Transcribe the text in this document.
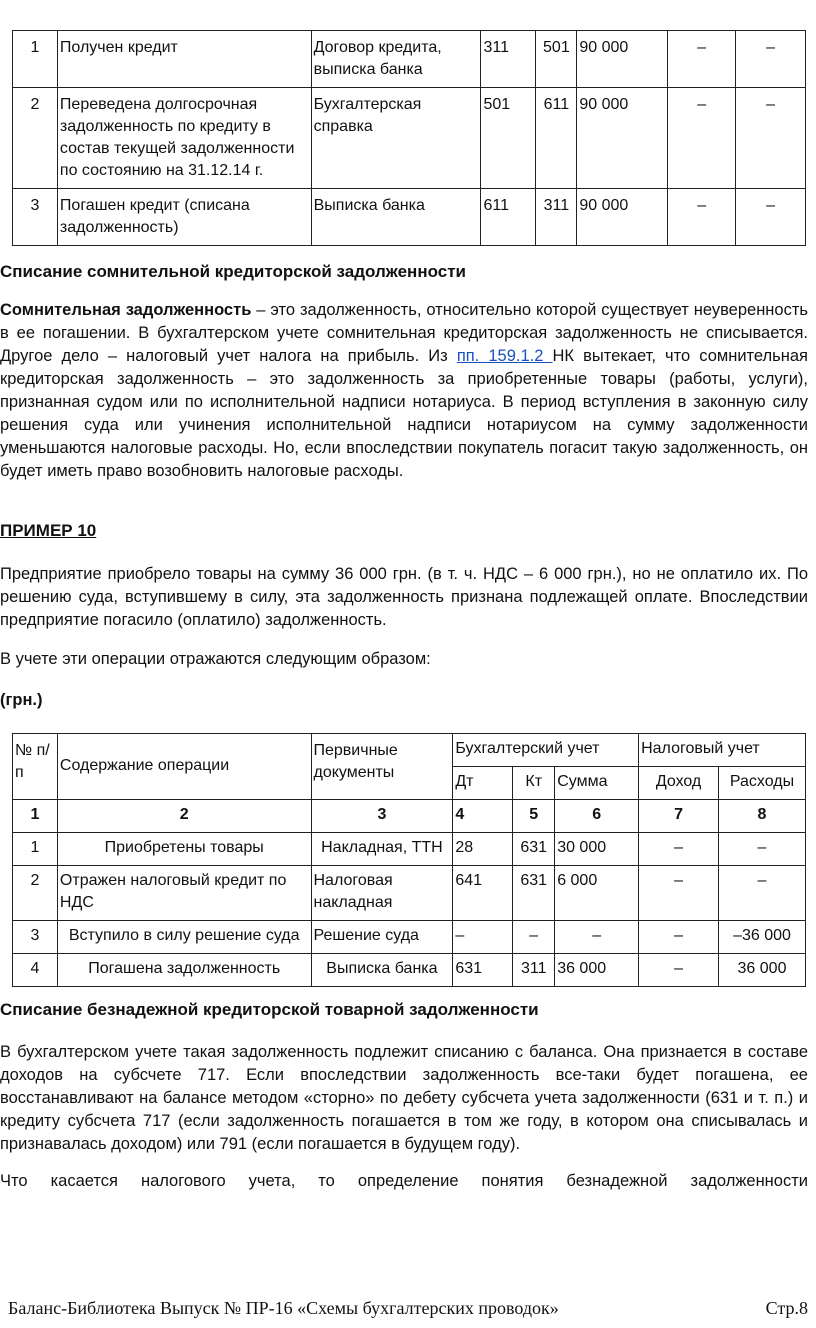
1	Получен кредит	Договор кредита, выписка банка	311	501	90 000	–	–
2	Переведена долгосрочная задолженность по кредиту в состав текущей задолженности по состоянию на 31.12.14 г.	Бухгалтерская справка	501	611	90 000	–	–
3	Погашен кредит (списана задолженность)	Выписка банка	611	311	90 000	–	–
Списание сомнительной кредиторской задолженности
Сомнительная задолженность – это задолженность, относительно которой существует неуверенность в ее погашении. В бухгалтерском учете сомнительная кредиторская задолженность не списывается. Другое дело – налоговый учет налога на прибыль. Из пп. 159.1.2 НК вытекает, что сомнительная кредиторская задолженность – это задолженность за приобретенные товары (работы, услуги), признанная судом или по исполнительной надписи нотариуса. В период вступления в законную силу решения суда или учинения исполнительной надписи нотариусом на сумму задолженности уменьшаются налоговые расходы. Но, если впоследствии покупатель погасит такую задолженность, он будет иметь право возобновить налоговые расходы.
ПРИМЕР 10
Предприятие приобрело товары на сумму 36 000 грн. (в т. ч. НДС – 6 000 грн.), но не оплатило их. По решению суда, вступившему в силу, эта задолженность признана подлежащей оплате. Впоследствии предприятие погасило (оплатило) задолженность.
В учете эти операции отражаются следующим образом:
(грн.)
№ п/п	Содержание операции	Первичные документы	Бухгалтерский учет			Налоговый учет	
			Дт	Кт	Сумма	Доход	Расходы
1	2	3	4	5	6	7	8
1	Приобретены товары	Накладная, ТТН	28	631	30 000	–	–
2	Отражен налоговый кредит по НДС	Налоговая накладная	641	631	6 000	–	–
3	Вступило в силу решение суда	Решение суда	–	–	–	–	–36 000
4	Погашена задолженность	Выписка банка	631	311	36 000	–	36 000
Списание безнадежной кредиторской товарной задолженности
В бухгалтерском учете такая задолженность подлежит списанию с баланса. Она признается в составе доходов на субсчете 717. Если впоследствии задолженность все-таки будет погашена, ее восстанавливают на балансе методом «сторно» по дебету субсчета учета задолженности (631 и т. п.) и кредиту субсчета 717 (если задолженность погашается в том же году, в котором она списывалась и признавалась доходом) или 791 (если погашается в будущем году).
Что касается налогового учета, то определение понятия безнадежной задолженности
Баланс-Библиотека Выпуск № ПР-16 «Схемы бухгалтерских проводок»	Стр.8
